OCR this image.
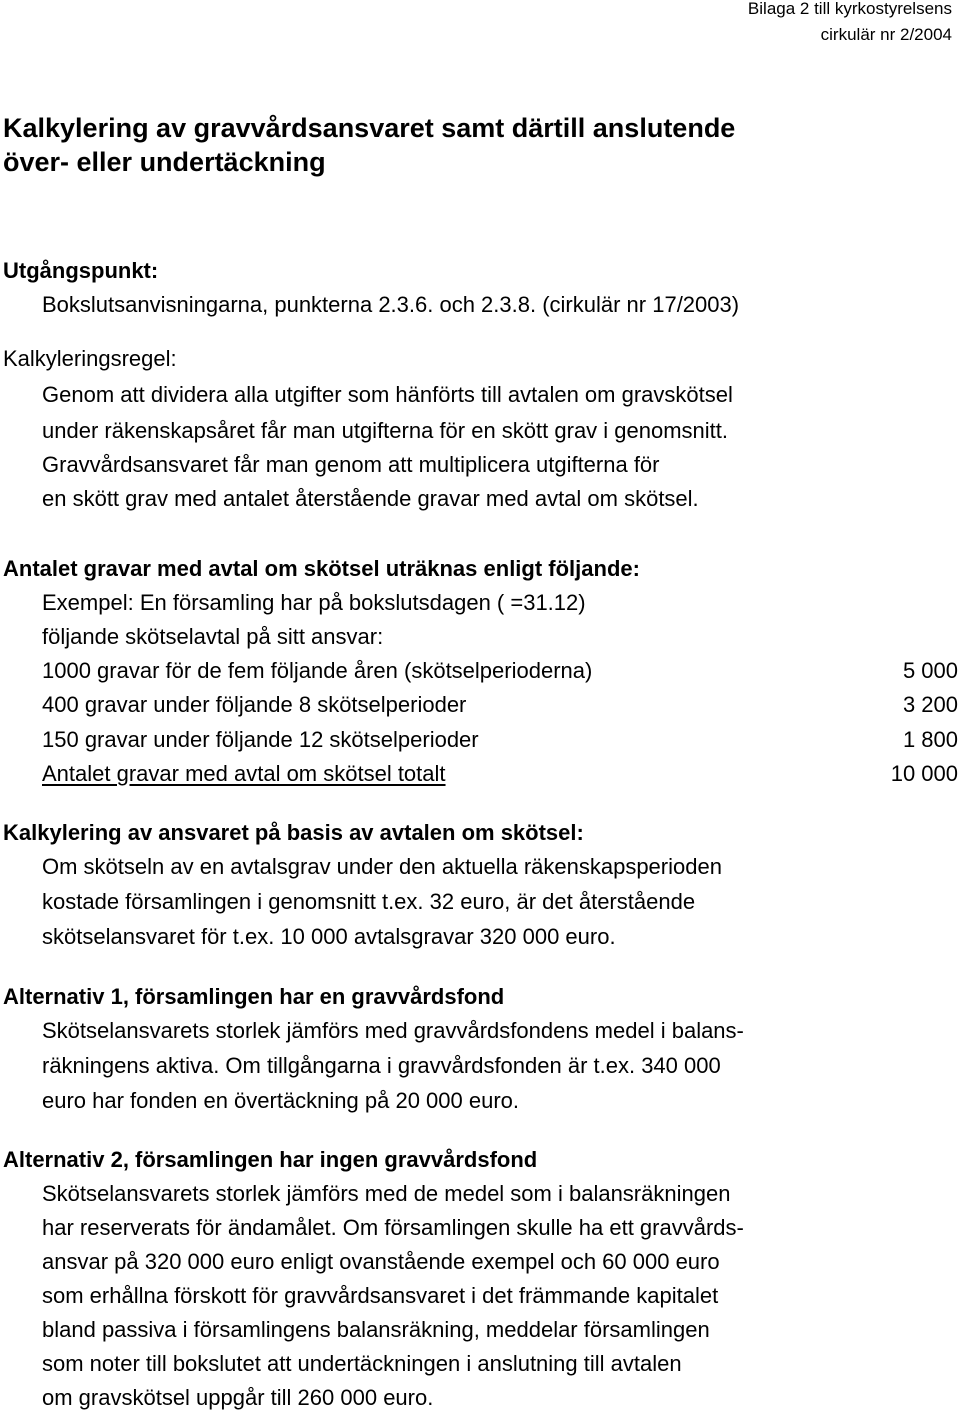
Bilaga 2 till kyrkostyrelsens
cirkulär nr 2/2004
Kalkylering av gravvårdsansvaret samt därtill anslutende
över- eller undertäckning
Utgångspunkt:
Bokslutsanvisningarna, punkterna 2.3.6. och 2.3.8. (cirkulär nr 17/2003)
Kalkyleringsregel:
Genom att dividera alla utgifter som hänförts till avtalen om gravskötsel
under räkenskapsåret får man utgifterna för en skött grav i genomsnitt.
Gravvårdsansvaret får man genom att multiplicera utgifterna för
en skött grav med antalet återstående gravar med avtal om skötsel.
Antalet gravar med avtal om skötsel uträknas enligt följande:
Exempel: En församling har på bokslutsdagen ( =31.12)
följande skötselavtal på sitt ansvar:
1000 gravar för de fem följande åren (skötselperioderna)	5 000
400 gravar under följande 8 skötselperioder	3 200
150 gravar under följande 12 skötselperioder	1 800
Antalet gravar med avtal om skötsel totalt	10 000
Kalkylering av ansvaret på basis av avtalen om skötsel:
Om skötseln av en avtalsgrav under den aktuella räkenskapsperioden
kostade församlingen i genomsnitt t.ex. 32 euro, är det återstående
skötselansvaret för t.ex. 10 000 avtalsgravar 320 000 euro.
Alternativ 1, församlingen har en gravvårdsfond
Skötselansvarets storlek jämförs med gravvårdsfondens medel i balans-
räkningens aktiva. Om tillgångarna i gravvårdsfonden är t.ex. 340 000
euro har fonden en övertäckning på 20 000 euro.
Alternativ 2, församlingen har ingen gravvårdsfond
Skötselansvarets storlek jämförs med de medel som i balansräkningen
har reserverats för ändamålet. Om församlingen skulle ha ett gravvårds-
ansvar på 320 000 euro enligt ovanstående exempel och 60 000 euro
som erhållna förskott för gravvårdsansvaret i det främmande kapitalet
bland passiva i församlingens balansräkning, meddelar församlingen
som noter till bokslutet att undertäckningen i anslutning till avtalen
om gravskötsel uppgår till 260 000 euro.
